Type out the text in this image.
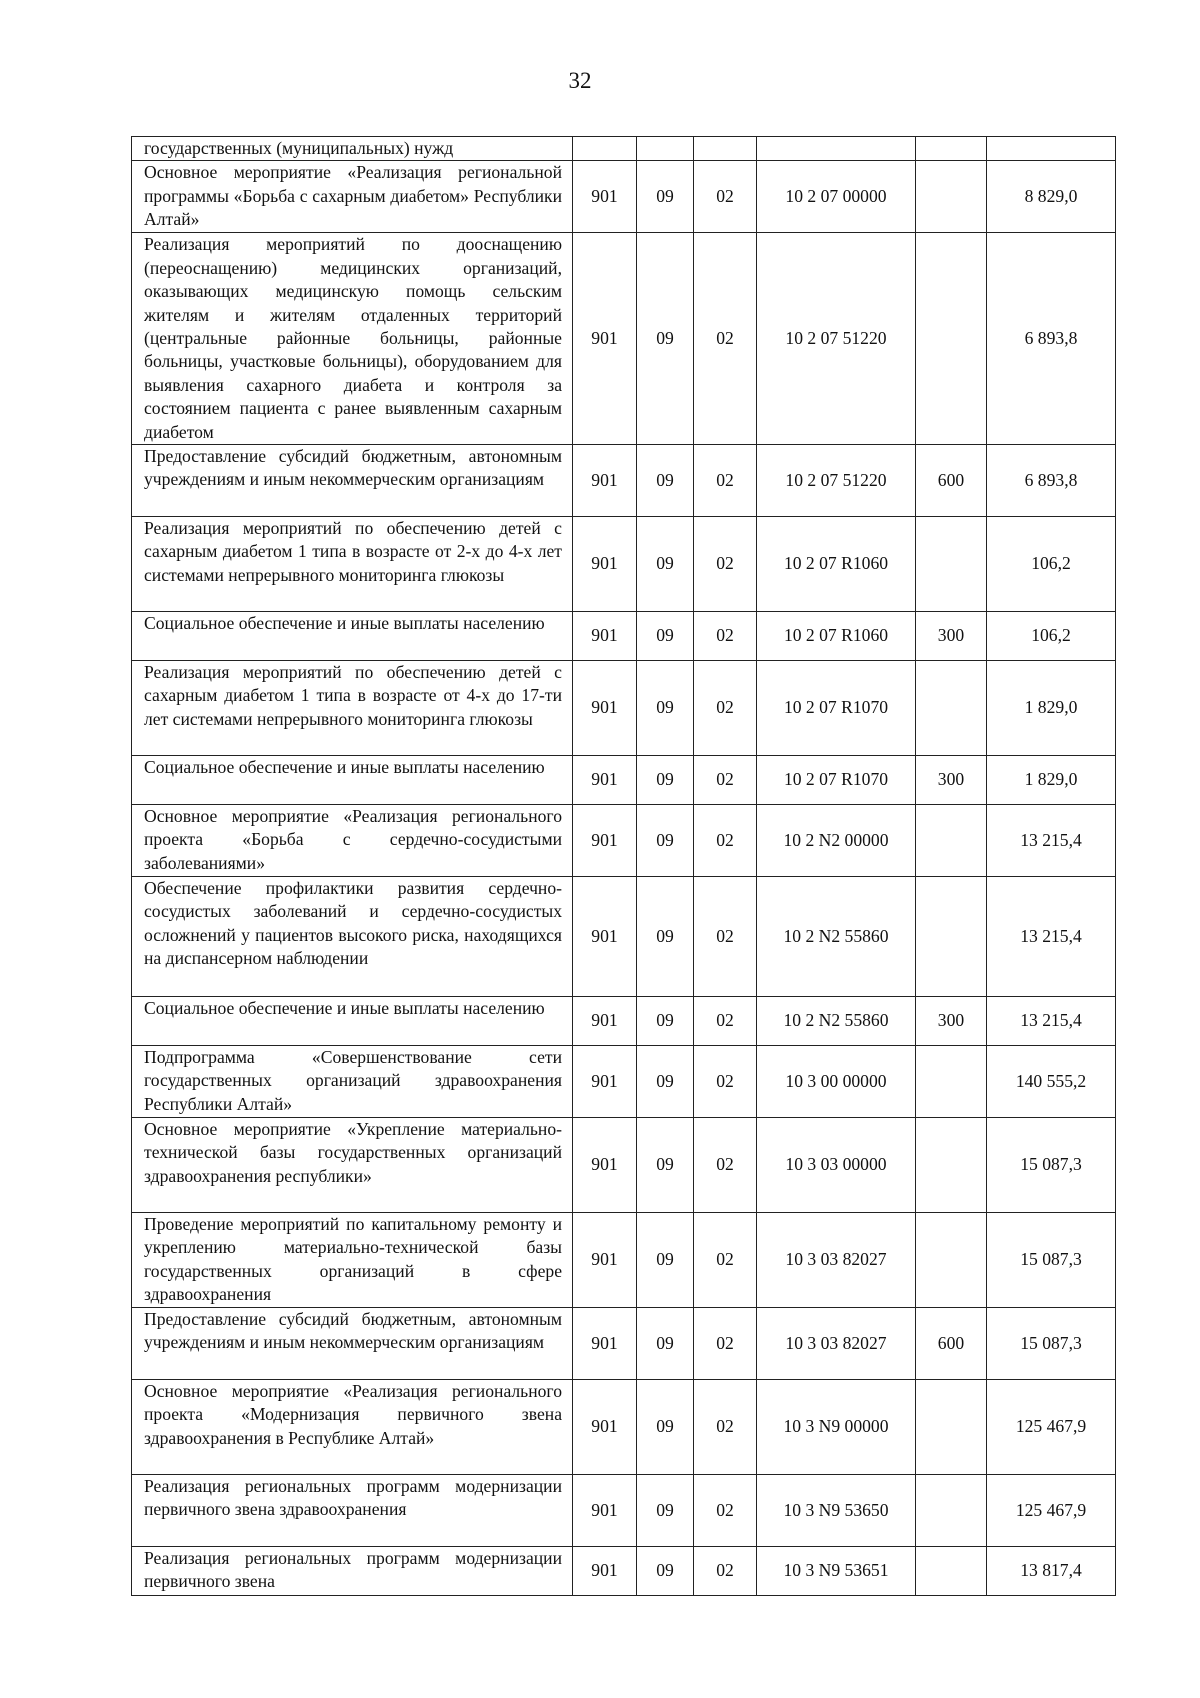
32
государственных (муниципальных) нужд						
Основное мероприятие «Реализация региональной программы «Борьба с сахарным диабетом» Республики Алтай»	901	09	02	10 2 07 00000		8 829,0
Реализация мероприятий по дооснащению (переоснащению) медицинских организаций, оказывающих медицинскую помощь сельским жителям и жителям отдаленных территорий (центральные районные больницы, районные больницы, участковые больницы), оборудованием для выявления сахарного диабета и контроля за состоянием пациента с ранее выявленным сахарным диабетом	901	09	02	10 2 07 51220		6 893,8
Предоставление субсидий бюджетным, автономным учреждениям и иным некоммерческим организациям	901	09	02	10 2 07 51220	600	6 893,8
Реализация мероприятий по обеспечению детей с сахарным диабетом 1 типа в возрасте от 2-х до 4-х лет системами непрерывного мониторинга глюкозы	901	09	02	10 2 07 R1060		106,2
Социальное обеспечение и иные выплаты населению	901	09	02	10 2 07 R1060	300	106,2
Реализация мероприятий по обеспечению детей с сахарным диабетом 1 типа в возрасте от 4-х до 17-ти лет системами непрерывного мониторинга глюкозы	901	09	02	10 2 07 R1070		1 829,0
Социальное обеспечение и иные выплаты населению	901	09	02	10 2 07 R1070	300	1 829,0
Основное мероприятие «Реализация регионального проекта «Борьба с сердечно-сосудистыми заболеваниями»	901	09	02	10 2 N2 00000		13 215,4
Обеспечение профилактики развития сердечно-сосудистых заболеваний и сердечно-сосудистых осложнений у пациентов высокого риска, находящихся на диспансерном наблюдении	901	09	02	10 2 N2 55860		13 215,4
Социальное обеспечение и иные выплаты населению	901	09	02	10 2 N2 55860	300	13 215,4
Подпрограмма «Совершенствование сети государственных организаций здравоохранения Республики Алтай»	901	09	02	10 3 00 00000		140 555,2
Основное мероприятие «Укрепление материально-технической базы государственных организаций здравоохранения республики»	901	09	02	10 3 03 00000		15 087,3
Проведение мероприятий по капитальному ремонту и укреплению материально-технической базы государственных организаций в сфере здравоохранения	901	09	02	10 3 03 82027		15 087,3
Предоставление субсидий бюджетным, автономным учреждениям и иным некоммерческим организациям	901	09	02	10 3 03 82027	600	15 087,3
Основное мероприятие «Реализация регионального проекта «Модернизация первичного звена здравоохранения в Республике Алтай»	901	09	02	10 3 N9 00000		125 467,9
Реализация региональных программ модернизации первичного звена здравоохранения	901	09	02	10 3 N9 53650		125 467,9
Реализация региональных программ модернизации первичного звена	901	09	02	10 3 N9 53651		13 817,4
